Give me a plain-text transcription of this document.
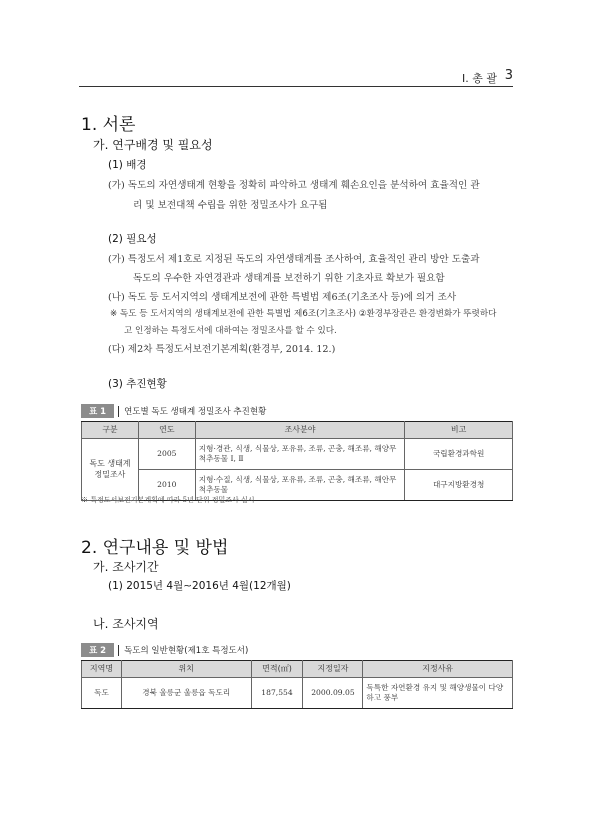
Ⅰ. 총 괄 3
1. 서론
가. 연구배경 및 필요성
(1) 배경
(가) 독도의 자연생태계 현황을 정확히 파악하고 생태계 훼손요인을 분석하여 효율적인 관
리 및 보전대책 수립을 위한 정밀조사가 요구됨
(2) 필요성
(가) 특정도서 제1호로 지정된 독도의 자연생태계를 조사하여, 효율적인 관리 방안 도출과
독도의 우수한 자연경관과 생태계를 보전하기 위한 기초자료 확보가 필요함
(나) 독도 등 도서지역의 생태계보전에 관한 특별법 제6조(기초조사 등)에 의거 조사
※ 독도 등 도서지역의 생태계보전에 관한 특별법 제6조(기초조사) ②환경부장관은 환경변화가 뚜렷하다
고 인정하는 특정도서에 대하여는 정밀조사를 할 수 있다.
(다) 제2차 특정도서보전기본계획(환경부, 2014. 12.)
(3) 추진현황
표 1	연도별 독도 생태계 정밀조사 추진현황
구분	연도	조사분야	비고
독도 생태계 정밀조사	2005	지형·경관, 식생, 식물상, 포유류, 조류, 곤충, 해조류, 해양무척추동물 Ⅰ, Ⅱ	국립환경과학원
	2010	지형·수질, 식생, 식물상, 포유류, 조류, 곤충, 해조류, 해안무척추동물	대구지방환경청
※ 특정도서보전기본계획에 따라 5년 단위 정밀조사 실시
2. 연구내용 및 방법
가. 조사기간
(1) 2015년 4월∼2016년 4월(12개월)
나. 조사지역
표 2	독도의 일반현황(제1호 특정도서)
지역명	위치	면적(㎡)	지정일자	지정사유
독도	경북 울릉군 울릉읍 독도리	187,554	2000.09.05	독특한 자연환경 유지 및 해양생물이 다양하고 풍부
